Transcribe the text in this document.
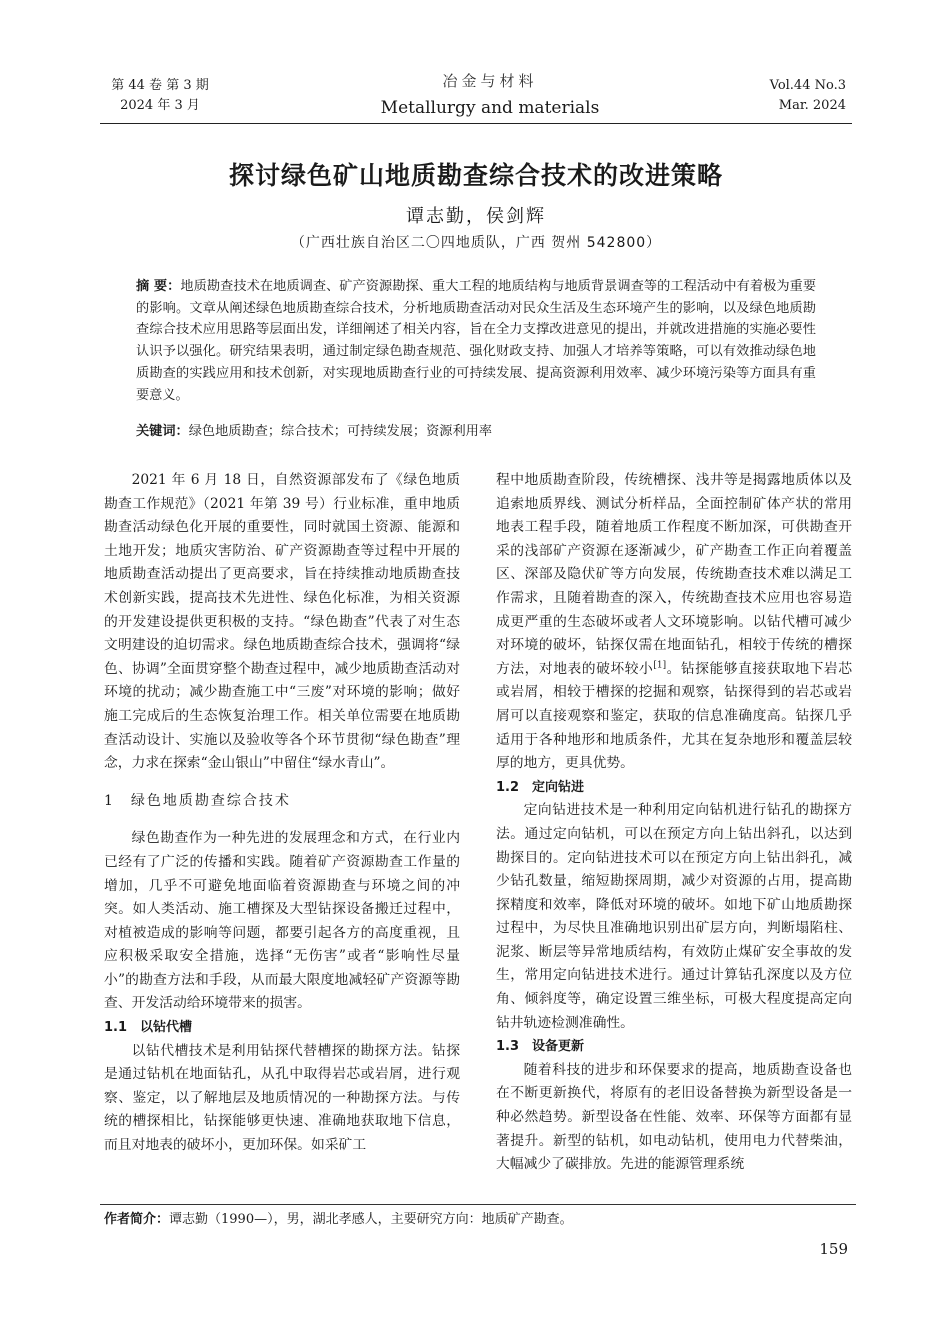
第 44 卷 第 3 期
2024 年 3 月
冶金与材料
Metallurgy and materials
Vol.44 No.3
Mar. 2024
探讨绿色矿山地质勘查综合技术的改进策略
谭志勤，侯剑辉
（广西壮族自治区二〇四地质队，广西 贺州 542800）
摘 要：地质勘查技术在地质调查、矿产资源勘探、重大工程的地质结构与地质背景调查等的工程活动中有着极为重要的影响。文章从阐述绿色地质勘查综合技术，分析地质勘查活动对民众生活及生态环境产生的影响，以及绿色地质勘查综合技术应用思路等层面出发，详细阐述了相关内容，旨在全力支撑改进意见的提出，并就改进措施的实施必要性认识予以强化。研究结果表明，通过制定绿色勘查规范、强化财政支持、加强人才培养等策略，可以有效推动绿色地质勘查的实践应用和技术创新，对实现地质勘查行业的可持续发展、提高资源利用效率、减少环境污染等方面具有重要意义。
关键词：绿色地质勘查；综合技术；可持续发展；资源利用率

2021 年 6 月 18 日，自然资源部发布了《绿色地质勘查工作规范》（2021 年第 39 号）行业标准，重申地质勘查活动绿色化开展的重要性，同时就国土资源、能源和土地开发；地质灾害防治、矿产资源勘查等过程中开展的地质勘查活动提出了更高要求，旨在持续推动地质勘查技术创新实践，提高技术先进性、绿色化标准，为相关资源的开发建设提供更积极的支持。“绿色勘查”代表了对生态文明建设的迫切需求。绿色地质勘查综合技术，强调将“绿色、协调”全面贯穿整个勘查过程中，减少地质勘查活动对环境的扰动；减少勘查施工中“三废”对环境的影响；做好施工完成后的生态恢复治理工作。相关单位需要在地质勘查活动设计、实施以及验收等各个环节贯彻“绿色勘查”理念，力求在探索“金山银山”中留住“绿水青山”。

1　绿色地质勘查综合技术

绿色勘查作为一种先进的发展理念和方式，在行业内已经有了广泛的传播和实践。随着矿产资源勘查工作量的增加，几乎不可避免地面临着资源勘查与环境之间的冲突。如人类活动、施工槽探及大型钻探设备搬迁过程中，对植被造成的影响等问题，都要引起各方的高度重视，且应积极采取安全措施，选择“无伤害”或者“影响性尽量小”的勘查方法和手段，从而最大限度地减轻矿产资源等勘查、开发活动给环境带来的损害。

1.1　以钻代槽

以钻代槽技术是利用钻探代替槽探的勘探方法。钻探是通过钻机在地面钻孔，从孔中取得岩芯或岩屑，进行观察、鉴定，以了解地层及地质情况的一种勘探方法。与传统的槽探相比，钻探能够更快速、准确地获取地下信息，而且对地表的破坏小，更加环保。如采矿工

程中地质勘查阶段，传统槽探、浅井等是揭露地质体以及追索地质界线、测试分析样品，全面控制矿体产状的常用地表工程手段，随着地质工作程度不断加深，可供勘查开采的浅部矿产资源在逐渐减少，矿产勘查工作正向着覆盖区、深部及隐伏矿等方向发展，传统勘查技术难以满足工作需求，且随着勘查的深入，传统勘查技术应用也容易造成更严重的生态破坏或者人文环境影响。以钻代槽可减少对环境的破坏，钻探仅需在地面钻孔，相较于传统的槽探方法，对地表的破坏较小[1]。钻探能够直接获取地下岩芯或岩屑，相较于槽探的挖掘和观察，钻探得到的岩芯或岩屑可以直接观察和鉴定，获取的信息准确度高。钻探几乎适用于各种地形和地质条件，尤其在复杂地形和覆盖层较厚的地方，更具优势。

1.2　定向钻进

定向钻进技术是一种利用定向钻机进行钻孔的勘探方法。通过定向钻机，可以在预定方向上钻出斜孔，以达到勘探目的。定向钻进技术可以在预定方向上钻出斜孔，减少钻孔数量，缩短勘探周期，减少对资源的占用，提高勘探精度和效率，降低对环境的破坏。如地下矿山地质勘探过程中，为尽快且准确地识别出矿层方向，判断塌陷柱、泥浆、断层等异常地质结构，有效防止煤矿安全事故的发生，常用定向钻进技术进行。通过计算钻孔深度以及方位角、倾斜度等，确定设置三维坐标，可极大程度提高定向钻井轨迹检测准确性。

1.3　设备更新

随着科技的进步和环保要求的提高，地质勘查设备也在不断更新换代，将原有的老旧设备替换为新型设备是一种必然趋势。新型设备在性能、效率、环保等方面都有显著提升。新型的钻机，如电动钻机，使用电力代替柴油，大幅减少了碳排放。先进的能源管理系统

作者简介：谭志勤（1990—），男，湖北孝感人，主要研究方向：地质矿产勘查。
159
